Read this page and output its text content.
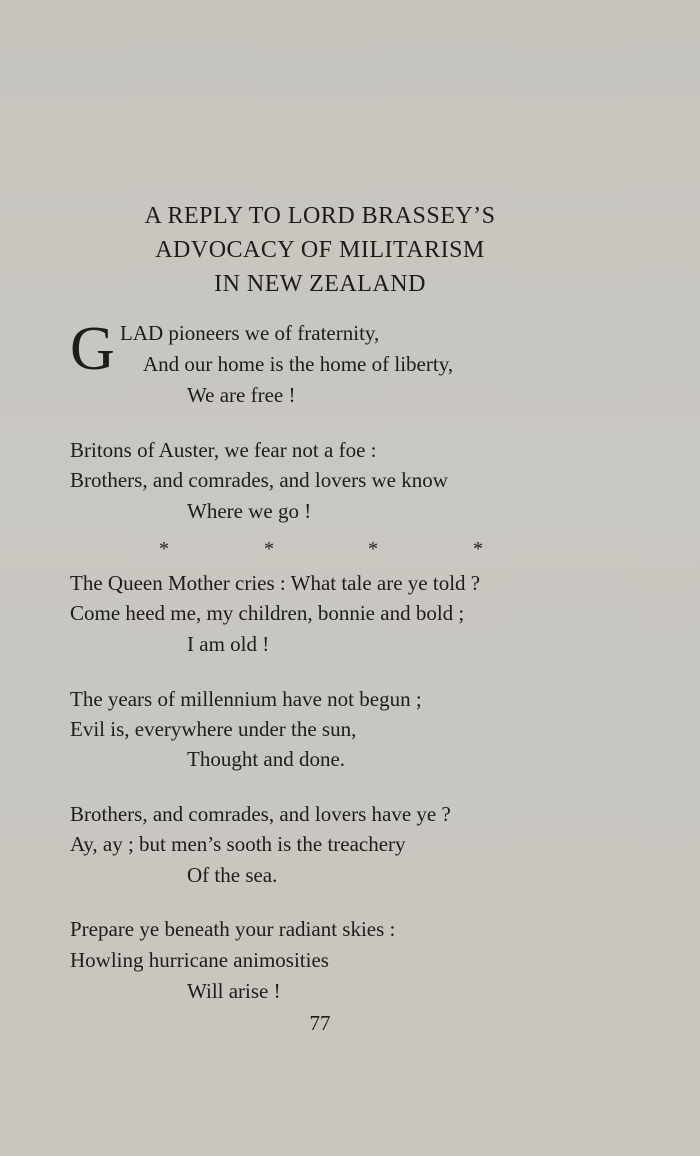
A REPLY TO LORD BRASSEY’S
ADVOCACY OF MILITARISM
IN NEW ZEALAND
G LAD pioneers we of fraternity,
And our home is the home of liberty,
We are free !
Britons of Auster, we fear not a foe :
Brothers, and comrades, and lovers we know
Where we go !
*	*	*	*
The Queen Mother cries : What tale are ye told ?
Come heed me, my children, bonnie and bold ;
I am old !
The years of millennium have not begun ;
Evil is, everywhere under the sun,
Thought and done.
Brothers, and comrades, and lovers have ye ?
Ay, ay ; but men’s sooth is the treachery
Of the sea.
Prepare ye beneath your radiant skies :
Howling hurricane animosities
Will arise !
77
